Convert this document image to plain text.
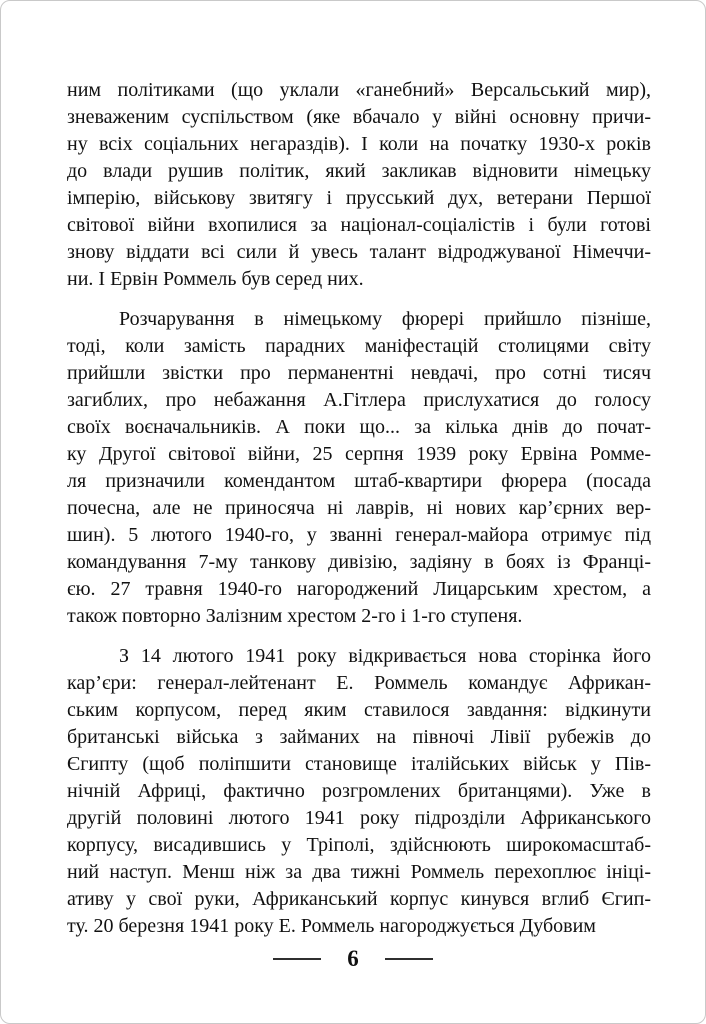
ним політиками (що уклали «ганебний» Версальський мир),
зневаженим суспільством (яке вбачало у війні основну причи-
ну всіх соціальних негараздів). І коли на початку 1930-х років
до влади рушив політик, який закликав відновити німецьку
імперію, військову звитягу і прусський дух, ветерани Першої
світової війни вхопилися за націонал-соціалістів і були готові
знову віддати всі сили й увесь талант відроджуваної Німеччи-
ни. І Ервін Роммель був серед них.
Розчарування в німецькому фюрері прийшло пізніше,
тоді, коли замість парадних маніфестацій столицями світу
прийшли звістки про перманентні невдачі, про сотні тисяч
загиблих, про небажання А.Гітлера прислухатися до голосу
своїх воєначальників. А поки що... за кілька днів до почат-
ку Другої світової війни, 25 серпня 1939 року Ервіна Ромме-
ля призначили комендантом штаб-квартири фюрера (посада
почесна, але не приносяча ні лаврів, ні нових кар’єрних вер-
шин). 5 лютого 1940-го, у званні генерал-майора отримує під
командування 7-му танкову дивізію, задіяну в боях із Франці-
єю. 27 травня 1940-го нагороджений Лицарським хрестом, а
також повторно Залізним хрестом 2-го і 1-го ступеня.
З 14 лютого 1941 року відкривається нова сторінка його
кар’єри: генерал-лейтенант Е. Роммель командує Африкан-
ським корпусом, перед яким ставилося завдання: відкинути
британські війська з займаних на півночі Лівії рубежів до
Єгипту (щоб поліпшити становище італійських військ у Пів-
нічній Африці, фактично розгромлених британцями). Уже в
другій половині лютого 1941 року підрозділи Африканського
корпусу, висадившись у Тріполі, здійснюють широкомасштаб-
ний наступ. Менш ніж за два тижні Роммель перехоплює ініці-
ативу у свої руки, Африканський корпус кинувся вглиб Єгип-
ту. 20 березня 1941 року Е. Роммель нагороджується Дубовим
6
